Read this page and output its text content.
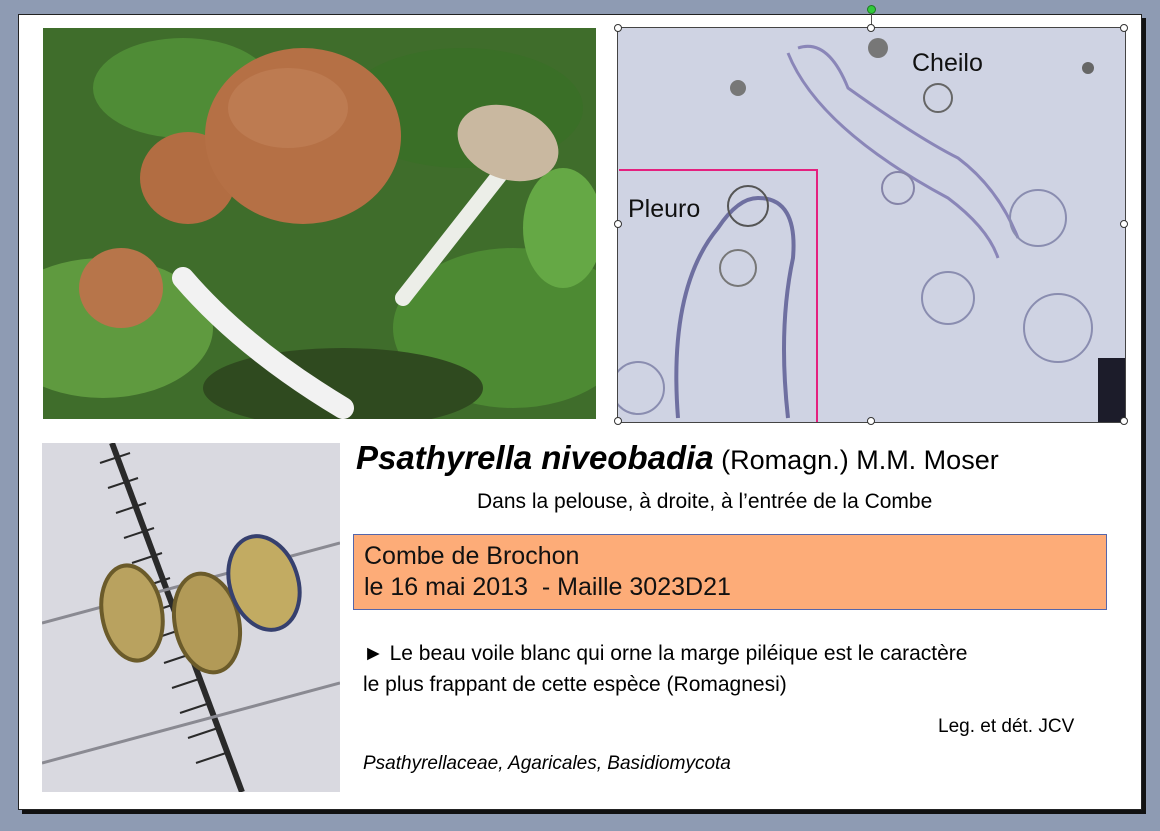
Cheilo
Pleuro
Psathyrella niveobadia (Romagn.) M.M. Moser
Dans la pelouse, à droite, à l’entrée de la Combe
Combe de Brochon
le 16 mai 2013  - Maille 3023D21
► Le beau voile blanc qui orne la marge piléique est le caractère
le plus frappant de cette espèce (Romagnesi)
Leg. et dét. JCV
Psathyrellaceae, Agaricales, Basidiomycota
